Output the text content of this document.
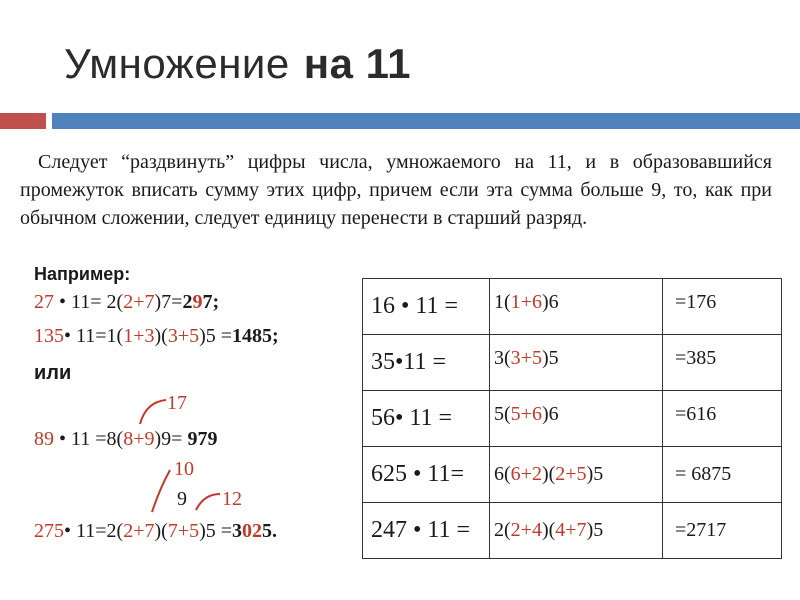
Умножение на 11

Следует “раздвинуть” цифры числа, умножаемого на 11, и в образовавшийся промежуток вписать сумму этих цифр, причем если эта сумма больше 9, то, как при обычном сложении, следует единицу перенести в старший разряд.

Например:
27 • 11= 2(2+7)7=297;
135• 11=1(1+3)(3+5)5 =1485;
или
17
89 • 11 =8(8+9)9= 979
10
9 12
275• 11=2(2+7)(7+5)5 =3025.
16 • 11 =	1(1+6)6	=176
35•11 =	3(3+5)5	=385
56• 11 =	5(5+6)6	=616
625 • 11=	6(6+2)(2+5)5	= 6875
247 • 11 =	2(2+4)(4+7)5	=2717
